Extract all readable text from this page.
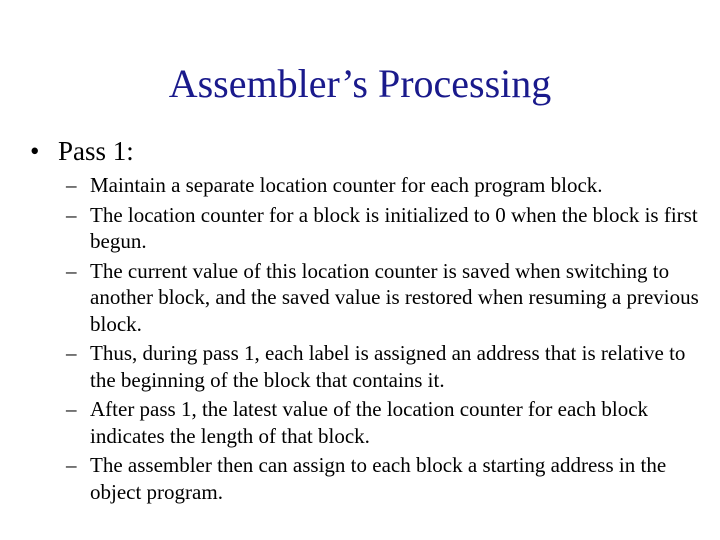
Assembler’s Processing
• Pass 1:
– Maintain a separate location counter for each program block.
– The location counter for a block is initialized to 0 when the block is first begun.
– The current value of this location counter is saved when switching to another block, and the saved value is restored when resuming a previous block.
– Thus, during pass 1, each label is assigned an address that is relative to the beginning of the block that contains it.
– After pass 1, the latest value of the location counter for each block indicates the length of that block.
– The assembler then can assign to each block a starting address in the object program.
